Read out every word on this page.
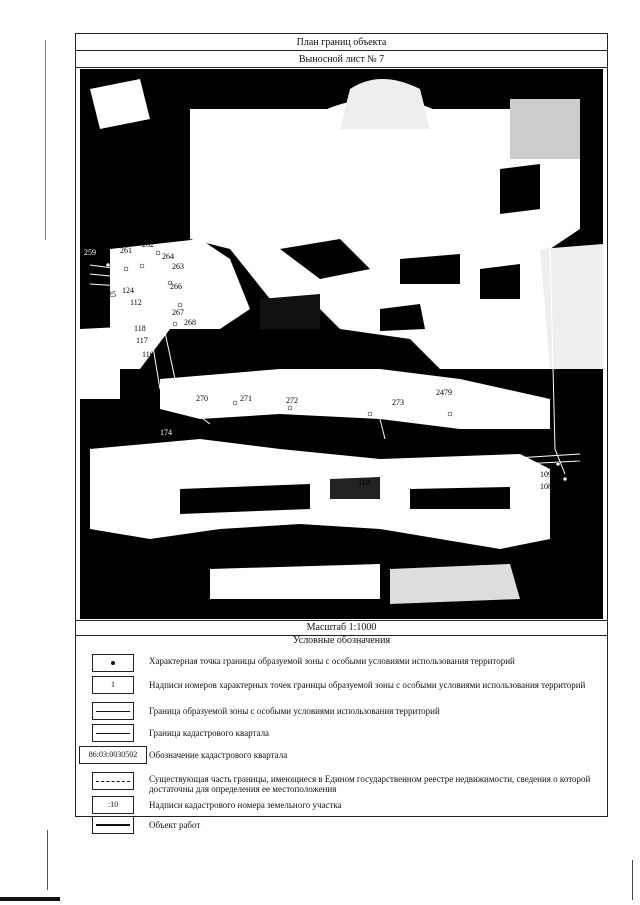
План границ объекта
Выносной лист № 7
86:03:0030502
260
259	261
262
264
263
266
126 125 124
112
267
268
118
117	269
116
115
270	271	272	273
174	111
110
2479
275
276
277
109
108
107
Масштаб 1:1000
Условные обозначения
Характерная точка границы образуемой зоны с особыми условиями использования территорий
1	Надписи номеров характерных точек границы образуемой зоны с особыми условиями использования территорий
Граница образуемой зоны с особыми условиями использования территорий
Граница кадастрового квартала
86:03:0030502	Обозначение кадастрового квартала
Существующая часть границы, имеющиеся в Едином государственном реестре недвижимости, сведения о которой достаточны для определения ее местоположения
:10	Надписи кадастрового номера земельного участка
Объект работ
